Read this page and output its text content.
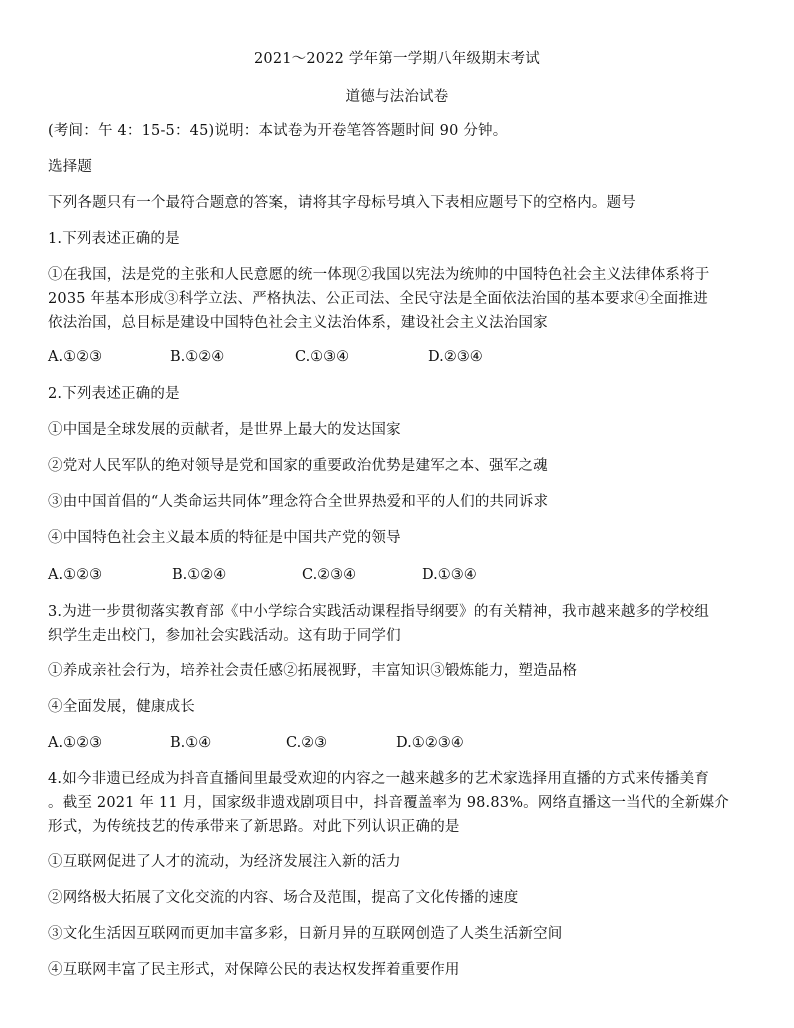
2021～2022 学年第一学期八年级期末考试
道德与法治试卷
(考间：午 4：15-5：45)说明：本试卷为开卷笔答答题时间 90 分钟。
选择题
下列各题只有一个最符合题意的答案，请将其字母标号填入下表相应题号下的空格内。题号
1.下列表述正确的是
①在我国，法是党的主张和人民意愿的统一体现②我国以宪法为统帅的中国特色社会主义法律体系将于
2035 年基本形成③科学立法、严格执法、公正司法、全民守法是全面依法治国的基本要求④全面推进
依法治国，总目标是建设中国特色社会主义法治体系，建设社会主义法治国家
A.①②③	B.①②④	C.①③④	D.②③④
2.下列表述正确的是
①中国是全球发展的贡献者，是世界上最大的发达国家
②党对人民军队的绝对领导是党和国家的重要政治优势是建军之本、强军之魂
③由中国首倡的“人类命运共同体”理念符合全世界热爱和平的人们的共同诉求
④中国特色社会主义最本质的特征是中国共产党的领导
A.①②③	B.①②④	C.②③④	D.①③④
3.为进一步贯彻落实教育部《中小学综合实践活动课程指导纲要》的有关精神，我市越来越多的学校组
织学生走出校门，参加社会实践活动。这有助于同学们
①养成亲社会行为，培养社会责任感②拓展视野，丰富知识③锻炼能力，塑造品格
④全面发展，健康成长
A.①②③	B.①④	C.②③	D.①②③④
4.如今非遗已经成为抖音直播间里最受欢迎的内容之一越来越多的艺术家选择用直播的方式来传播美育
。截至 2021 年 11 月，国家级非遗戏剧项目中，抖音覆盖率为 98.83%。网络直播这一当代的全新媒介
形式，为传统技艺的传承带来了新思路。对此下列认识正确的是
①互联网促进了人才的流动，为经济发展注入新的活力
②网络极大拓展了文化交流的内容、场合及范围，提高了文化传播的速度
③文化生活因互联网而更加丰富多彩，日新月异的互联网创造了人类生活新空间
④互联网丰富了民主形式，对保障公民的表达权发挥着重要作用
